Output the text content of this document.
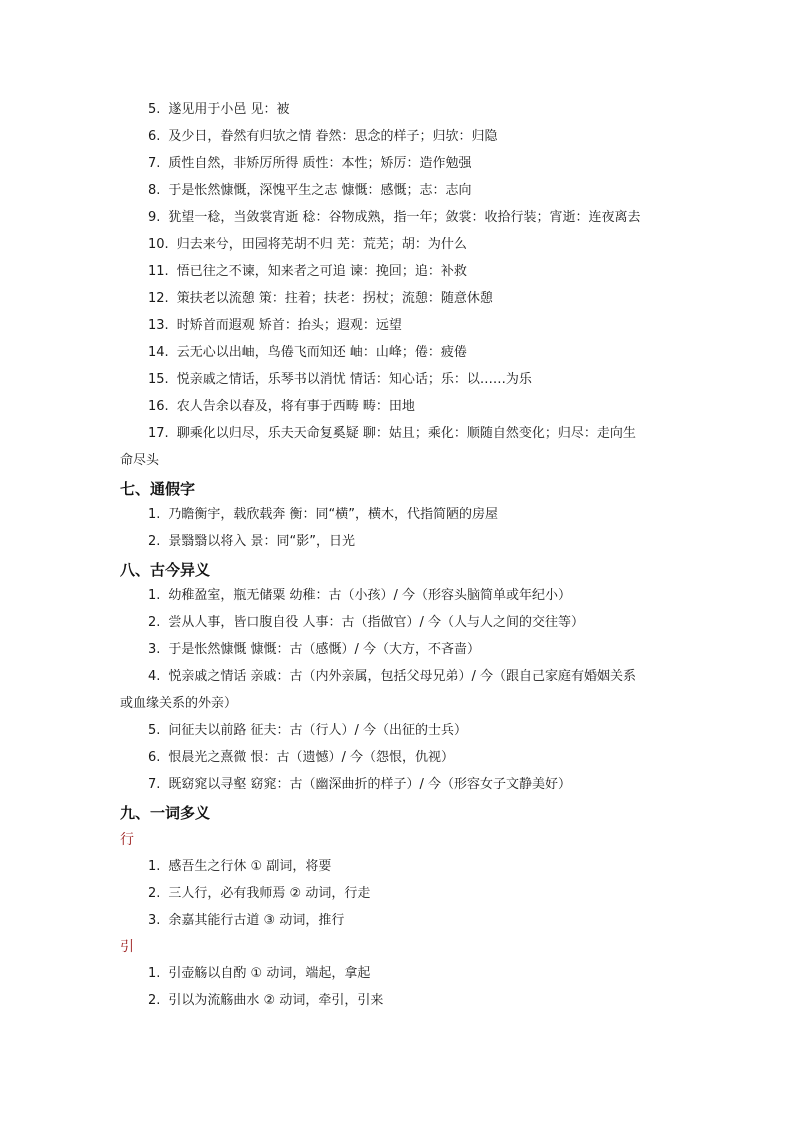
5. 遂见用于小邑 见：被
6. 及少日，眷然有归欤之情 眷然：思念的样子；归欤：归隐
7. 质性自然，非矫厉所得 质性：本性；矫厉：造作勉强
8. 于是怅然慷慨，深愧平生之志 慷慨：感慨；志：志向
9. 犹望一稔，当敛裳宵逝 稔：谷物成熟，指一年；敛裳：收拾行装；宵逝：连夜离去
10. 归去来兮，田园将芜胡不归 芜：荒芜；胡：为什么
11. 悟已往之不谏，知来者之可追 谏：挽回；追：补救
12. 策扶老以流憩 策：拄着；扶老：拐杖；流憩：随意休憩
13. 时矫首而遐观 矫首：抬头；遐观：远望
14. 云无心以出岫，鸟倦飞而知还 岫：山峰；倦：疲倦
15. 悦亲戚之情话，乐琴书以消忧 情话：知心话；乐：以……为乐
16. 农人告余以春及，将有事于西畴 畴：田地
17. 聊乘化以归尽，乐夫天命复奚疑 聊：姑且；乘化：顺随自然变化；归尽：走向生
命尽头
七、通假字
1. 乃瞻衡宇，载欣载奔 衡：同“横”，横木，代指简陋的房屋
2. 景翳翳以将入 景：同“影”，日光
八、古今异义
1. 幼稚盈室，瓶无储粟 幼稚：古（小孩）/ 今（形容头脑简单或年纪小）
2. 尝从人事，皆口腹自役 人事：古（指做官）/ 今（人与人之间的交往等）
3. 于是怅然慷慨 慷慨：古（感慨）/ 今（大方，不吝啬）
4. 悦亲戚之情话 亲戚：古（内外亲属，包括父母兄弟）/ 今（跟自己家庭有婚姻关系
或血缘关系的外亲）
5. 问征夫以前路 征夫：古（行人）/ 今（出征的士兵）
6. 恨晨光之熹微 恨：古（遗憾）/ 今（怨恨，仇视）
7. 既窈窕以寻壑 窈窕：古（幽深曲折的样子）/ 今（形容女子文静美好）
九、一词多义
行
1. 感吾生之行休 ① 副词，将要
2. 三人行，必有我师焉 ② 动词，行走
3. 余嘉其能行古道 ③ 动词，推行
引
1. 引壶觞以自酌 ① 动词，端起，拿起
2. 引以为流觞曲水 ② 动词，牵引，引来
